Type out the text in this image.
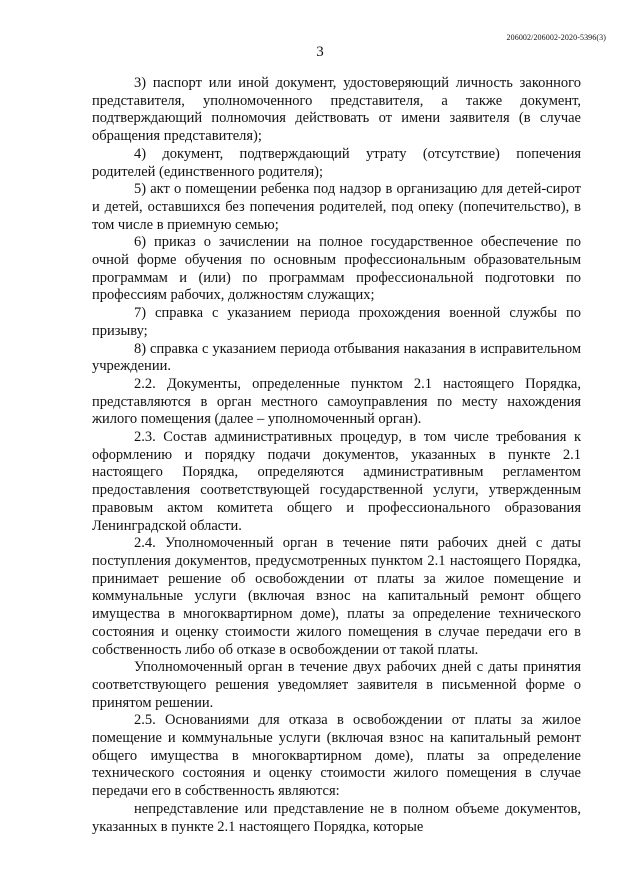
206002/206002-2020-5396(3)
3

3) паспорт или иной документ, удостоверяющий личность законного представителя, уполномоченного представителя, а также документ, подтверждающий полномочия действовать от имени заявителя (в случае обращения представителя);

4) документ, подтверждающий утрату (отсутствие) попечения родителей (единственного родителя);

5) акт о помещении ребенка под надзор в организацию для детей-сирот и детей, оставшихся без попечения родителей, под опеку (попечительство), в том числе в приемную семью;

6) приказ о зачислении на полное государственное обеспечение по очной форме обучения по основным профессиональным образовательным программам и (или) по программам профессиональной подготовки по профессиям рабочих, должностям служащих;

7) справка с указанием периода прохождения военной службы по призыву;

8) справка с указанием периода отбывания наказания в исправительном учреждении.

2.2. Документы, определенные пунктом 2.1 настоящего Порядка, представляются в орган местного самоуправления по месту нахождения жилого помещения (далее – уполномоченный орган).

2.3. Состав административных процедур, в том числе требования к оформлению и порядку подачи документов, указанных в пункте 2.1 настоящего Порядка, определяются административным регламентом предоставления соответствующей государственной услуги, утвержденным правовым актом комитета общего и профессионального образования Ленинградской области.

2.4. Уполномоченный орган в течение пяти рабочих дней с даты поступления документов, предусмотренных пунктом 2.1 настоящего Порядка, принимает решение об освобождении от платы за жилое помещение и коммунальные услуги (включая взнос на капитальный ремонт общего имущества в многоквартирном доме), платы за определение технического состояния и оценку стоимости жилого помещения в случае передачи его в собственность либо об отказе в освобождении от такой платы.

Уполномоченный орган в течение двух рабочих дней с даты принятия соответствующего решения уведомляет заявителя в письменной форме о принятом решении.

2.5. Основаниями для отказа в освобождении от платы за жилое помещение и коммунальные услуги (включая взнос на капитальный ремонт общего имущества в многоквартирном доме), платы за определение технического состояния и оценку стоимости жилого помещения в случае передачи его в собственность являются:

непредставление или представление не в полном объеме документов, указанных в пункте 2.1 настоящего Порядка, которые
